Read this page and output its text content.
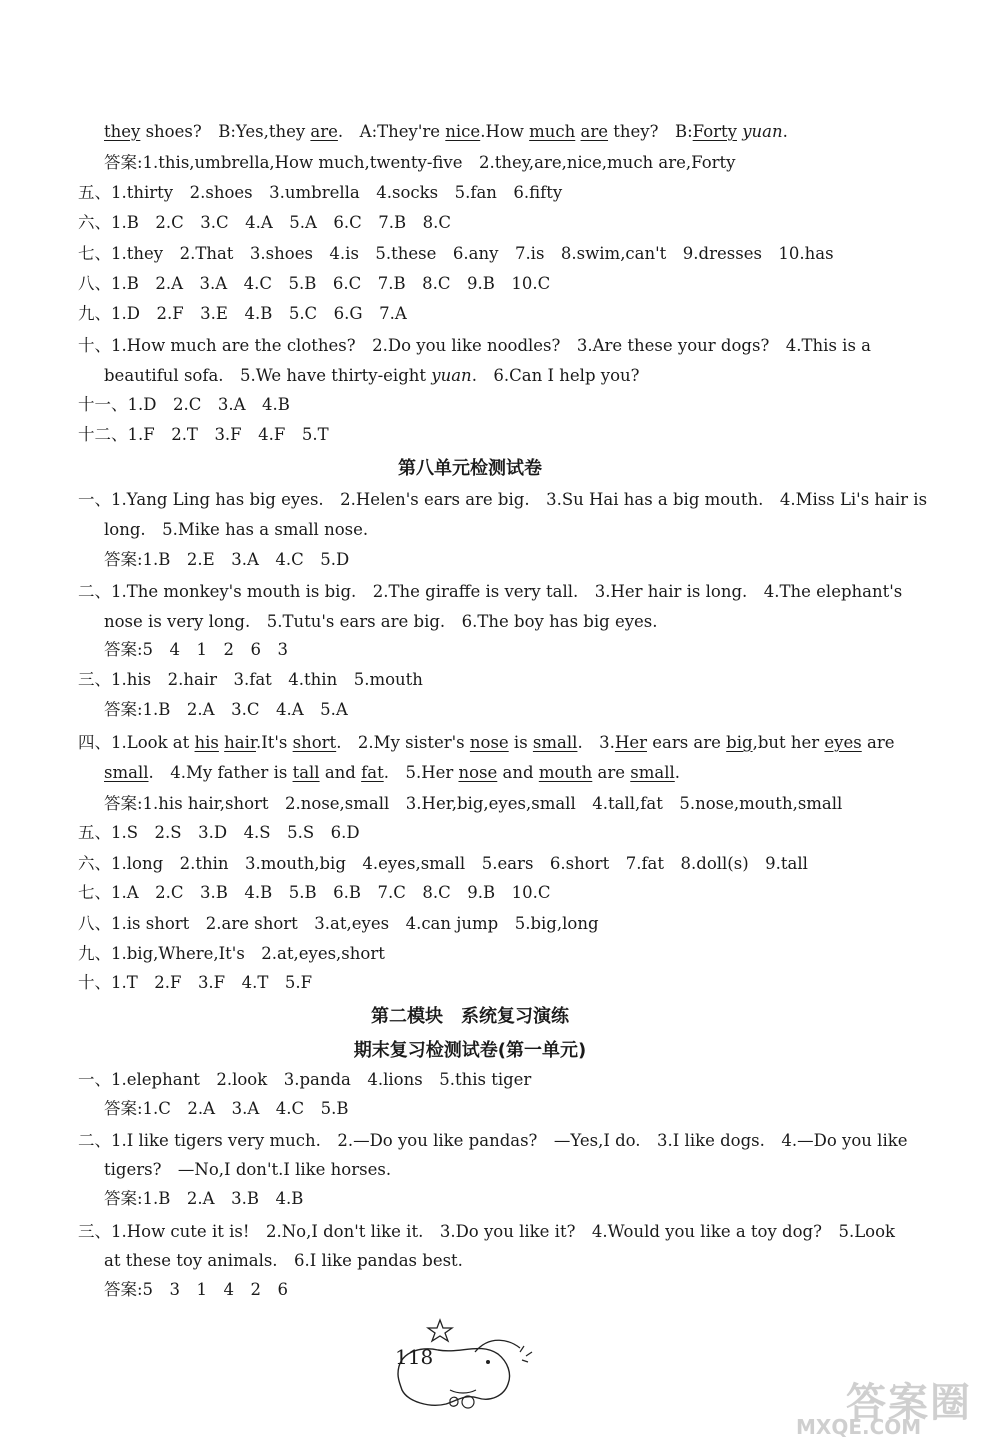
they shoes?　B:Yes,they are.　A:They're nice.How much are they?　B:Forty yuan.
答案:1.this,umbrella,How much,twenty-five　2.they,are,nice,much are,Forty
五、1.thirty　2.shoes　3.umbrella　4.socks　5.fan　6.fifty
六、1.B　2.C　3.C　4.A　5.A　6.C　7.B　8.C
七、1.they　2.That　3.shoes　4.is　5.these　6.any　7.is　8.swim,can't　9.dresses　10.has
八、1.B　2.A　3.A　4.C　5.B　6.C　7.B　8.C　9.B　10.C
九、1.D　2.F　3.E　4.B　5.C　6.G　7.A
十、1.How much are the clothes?　2.Do you like noodles?　3.Are these your dogs?　4.This is a
beautiful sofa.　5.We have thirty-eight yuan.　6.Can I help you?
十一、1.D　2.C　3.A　4.B
十二、1.F　2.T　3.F　4.F　5.T
第八单元检测试卷
一、1.Yang Ling has big eyes.　2.Helen's ears are big.　3.Su Hai has a big mouth.　4.Miss Li's hair is
long.　5.Mike has a small nose.
答案:1.B　2.E　3.A　4.C　5.D
二、1.The monkey's mouth is big.　2.The giraffe is very tall.　3.Her hair is long.　4.The elephant's
nose is very long.　5.Tutu's ears are big.　6.The boy has big eyes.
答案:5　4　1　2　6　3
三、1.his　2.hair　3.fat　4.thin　5.mouth
答案:1.B　2.A　3.C　4.A　5.A
四、1.Look at his hair.It's short.　2.My sister's nose is small.　3.Her ears are big,but her eyes are
small.　4.My father is tall and fat.　5.Her nose and mouth are small.
答案:1.his hair,short　2.nose,small　3.Her,big,eyes,small　4.tall,fat　5.nose,mouth,small
五、1.S　2.S　3.D　4.S　5.S　6.D
六、1.long　2.thin　3.mouth,big　4.eyes,small　5.ears　6.short　7.fat　8.doll(s)　9.tall
七、1.A　2.C　3.B　4.B　5.B　6.B　7.C　8.C　9.B　10.C
八、1.is short　2.are short　3.at,eyes　4.can jump　5.big,long
九、1.big,Where,It's　2.at,eyes,short
十、1.T　2.F　3.F　4.T　5.F
第二模块　系统复习演练
期末复习检测试卷(第一单元)
一、1.elephant　2.look　3.panda　4.lions　5.this tiger
答案:1.C　2.A　3.A　4.C　5.B
二、1.I like tigers very much.　2.—Do you like pandas?　—Yes,I do.　3.I like dogs.　4.—Do you like
tigers?　—No,I don't.I like horses.
答案:1.B　2.A　3.B　4.B
三、1.How cute it is!　2.No,I don't like it.　3.Do you like it?　4.Would you like a toy dog?　5.Look
at these toy animals.　6.I like pandas best.
答案:5　3　1　4　2　6
118
答案圈
MXQE.COM
